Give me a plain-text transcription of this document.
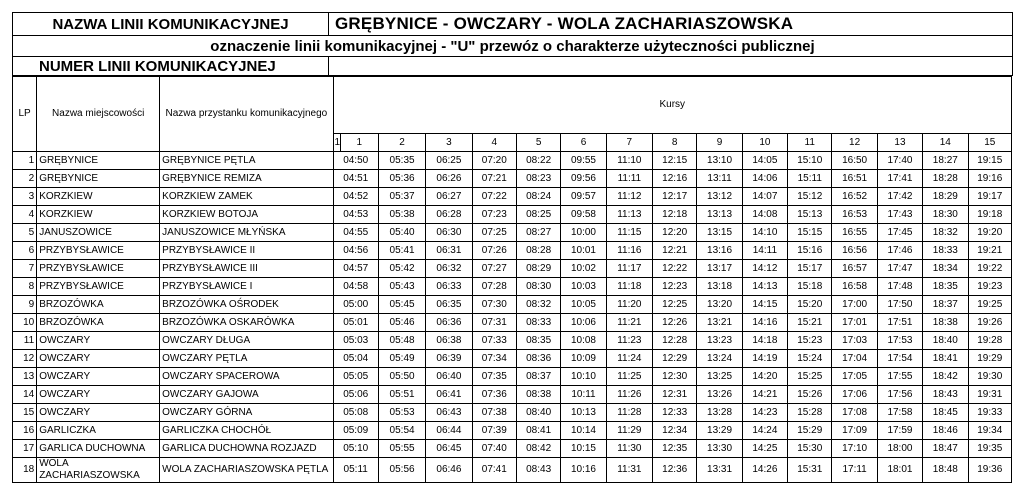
NAZWA LINII KOMUNIKACYJNEJ	GRĘBYNICE - OWCZARY - WOLA ZACHARIASZOWSKA
oznaczenie linii komunikacyjnej - "U" przewóz o charakterze użyteczności publicznej	
NUMER LINII KOMUNIKACYJNEJ	
LP	Nazwa miejscowości	Nazwa przystanku komunikacyjnego	Kursy															
			1	1	2	3	4	5	6	7	8	9	10	11	12	13	14	15
1	GRĘBYNICE	GRĘBYNICE PĘTLA	04:50		05:35	06:25	07:20	08:22	09:55	11:10	12:15	13:10	14:05	15:10	16:50	17:40	18:27	19:15
2	GRĘBYNICE	GRĘBYNICE REMIZA	04:51		05:36	06:26	07:21	08:23	09:56	11:11	12:16	13:11	14:06	15:11	16:51	17:41	18:28	19:16
3	KORZKIEW	KORZKIEW ZAMEK	04:52		05:37	06:27	07:22	08:24	09:57	11:12	12:17	13:12	14:07	15:12	16:52	17:42	18:29	19:17
4	KORZKIEW	KORZKIEW BOTOJA	04:53		05:38	06:28	07:23	08:25	09:58	11:13	12:18	13:13	14:08	15:13	16:53	17:43	18:30	19:18
5	JANUSZOWICE	JANUSZOWICE MŁYŃSKA	04:55		05:40	06:30	07:25	08:27	10:00	11:15	12:20	13:15	14:10	15:15	16:55	17:45	18:32	19:20
6	PRZYBYSŁAWICE	PRZYBYSŁAWICE II	04:56		05:41	06:31	07:26	08:28	10:01	11:16	12:21	13:16	14:11	15:16	16:56	17:46	18:33	19:21
7	PRZYBYSŁAWICE	PRZYBYSŁAWICE III	04:57		05:42	06:32	07:27	08:29	10:02	11:17	12:22	13:17	14:12	15:17	16:57	17:47	18:34	19:22
8	PRZYBYSŁAWICE	PRZYBYSŁAWICE I	04:58		05:43	06:33	07:28	08:30	10:03	11:18	12:23	13:18	14:13	15:18	16:58	17:48	18:35	19:23
9	BRZOZÓWKA	BRZOZÓWKA OŚRODEK	05:00		05:45	06:35	07:30	08:32	10:05	11:20	12:25	13:20	14:15	15:20	17:00	17:50	18:37	19:25
10	BRZOZÓWKA	BRZOZÓWKA OSKARÓWKA	05:01		05:46	06:36	07:31	08:33	10:06	11:21	12:26	13:21	14:16	15:21	17:01	17:51	18:38	19:26
11	OWCZARY	OWCZARY DŁUGA	05:03		05:48	06:38	07:33	08:35	10:08	11:23	12:28	13:23	14:18	15:23	17:03	17:53	18:40	19:28
12	OWCZARY	OWCZARY PĘTLA	05:04		05:49	06:39	07:34	08:36	10:09	11:24	12:29	13:24	14:19	15:24	17:04	17:54	18:41	19:29
13	OWCZARY	OWCZARY SPACEROWA	05:05		05:50	06:40	07:35	08:37	10:10	11:25	12:30	13:25	14:20	15:25	17:05	17:55	18:42	19:30
14	OWCZARY	OWCZARY GAJOWA	05:06		05:51	06:41	07:36	08:38	10:11	11:26	12:31	13:26	14:21	15:26	17:06	17:56	18:43	19:31
15	OWCZARY	OWCZARY GÓRNA	05:08		05:53	06:43	07:38	08:40	10:13	11:28	12:33	13:28	14:23	15:28	17:08	17:58	18:45	19:33
16	GARLICZKA	GARLICZKA CHOCHÓŁ	05:09		05:54	06:44	07:39	08:41	10:14	11:29	12:34	13:29	14:24	15:29	17:09	17:59	18:46	19:34
17	GARLICA DUCHOWNA	GARLICA DUCHOWNA ROZJAZD	05:10		05:55	06:45	07:40	08:42	10:15	11:30	12:35	13:30	14:25	15:30	17:10	18:00	18:47	19:35
18	WOLA ZACHARIASZOWSKA	WOLA ZACHARIASZOWSKA PĘTLA	05:11		05:56	06:46	07:41	08:43	10:16	11:31	12:36	13:31	14:26	15:31	17:11	18:01	18:48	19:36
